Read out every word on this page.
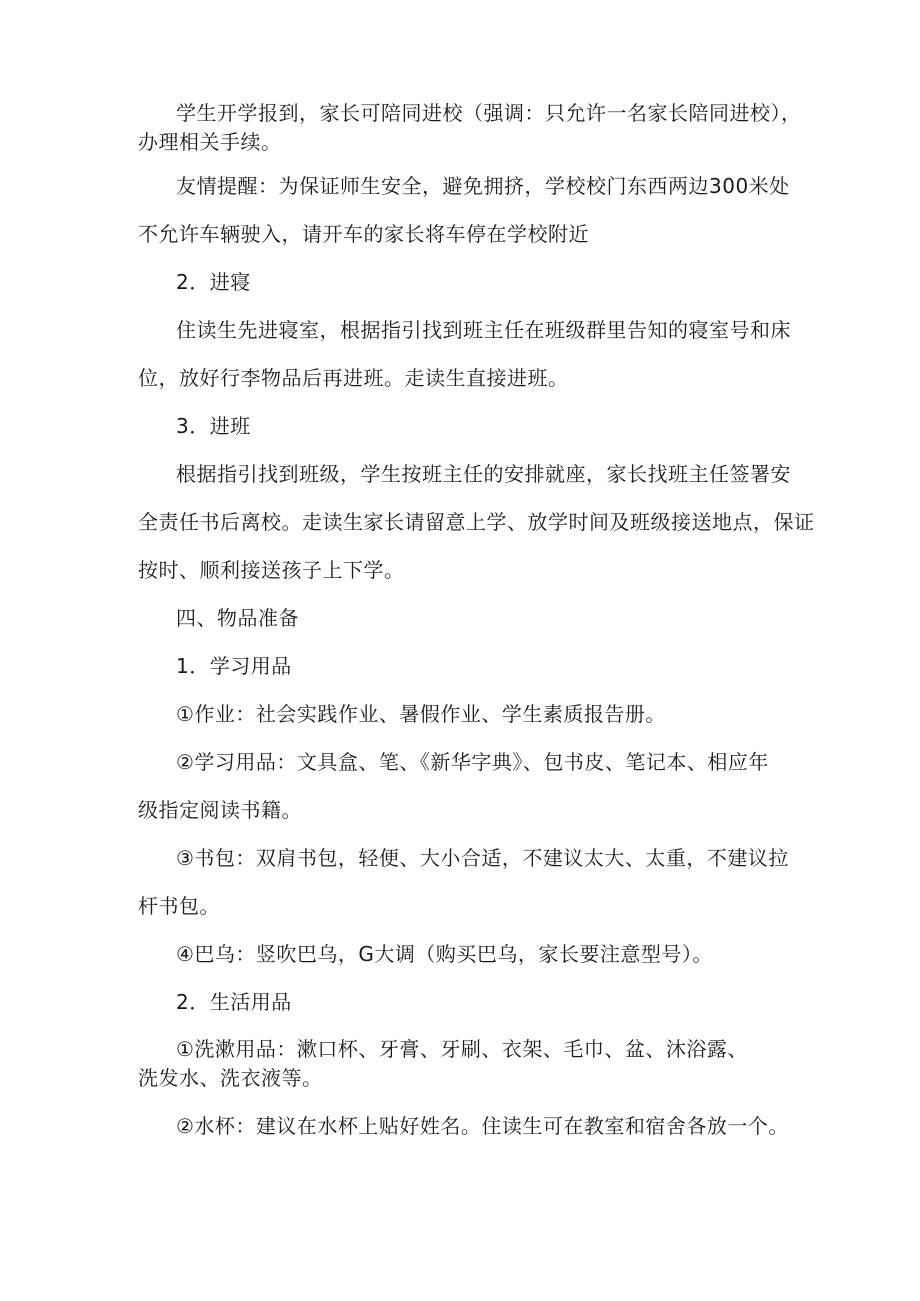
学生开学报到，家长可陪同进校（强调：只允许一名家长陪同进校），
办理相关手续。
友情提醒：为保证师生安全，避免拥挤，学校校门东西两边300米处
不允许车辆驶入，请开车的家长将车停在学校附近
2．进寝
住读生先进寝室，根据指引找到班主任在班级群里告知的寝室号和床
位，放好行李物品后再进班。走读生直接进班。
3．进班
根据指引找到班级，学生按班主任的安排就座，家长找班主任签署安
全责任书后离校。走读生家长请留意上学、放学时间及班级接送地点，保证
按时、顺利接送孩子上下学。
四、物品准备
1．学习用品
①作业：社会实践作业、暑假作业、学生素质报告册。
②学习用品：文具盒、笔、《新华字典》、包书皮、笔记本、相应年
级指定阅读书籍。
③书包：双肩书包，轻便、大小合适，不建议太大、太重，不建议拉
杆书包。
④巴乌：竖吹巴乌，G大调（购买巴乌，家长要注意型号）。
2．生活用品
①洗漱用品：漱口杯、牙膏、牙刷、衣架、毛巾、盆、沐浴露、
洗发水、洗衣液等。
②水杯：建议在水杯上贴好姓名。住读生可在教室和宿舍各放一个。
